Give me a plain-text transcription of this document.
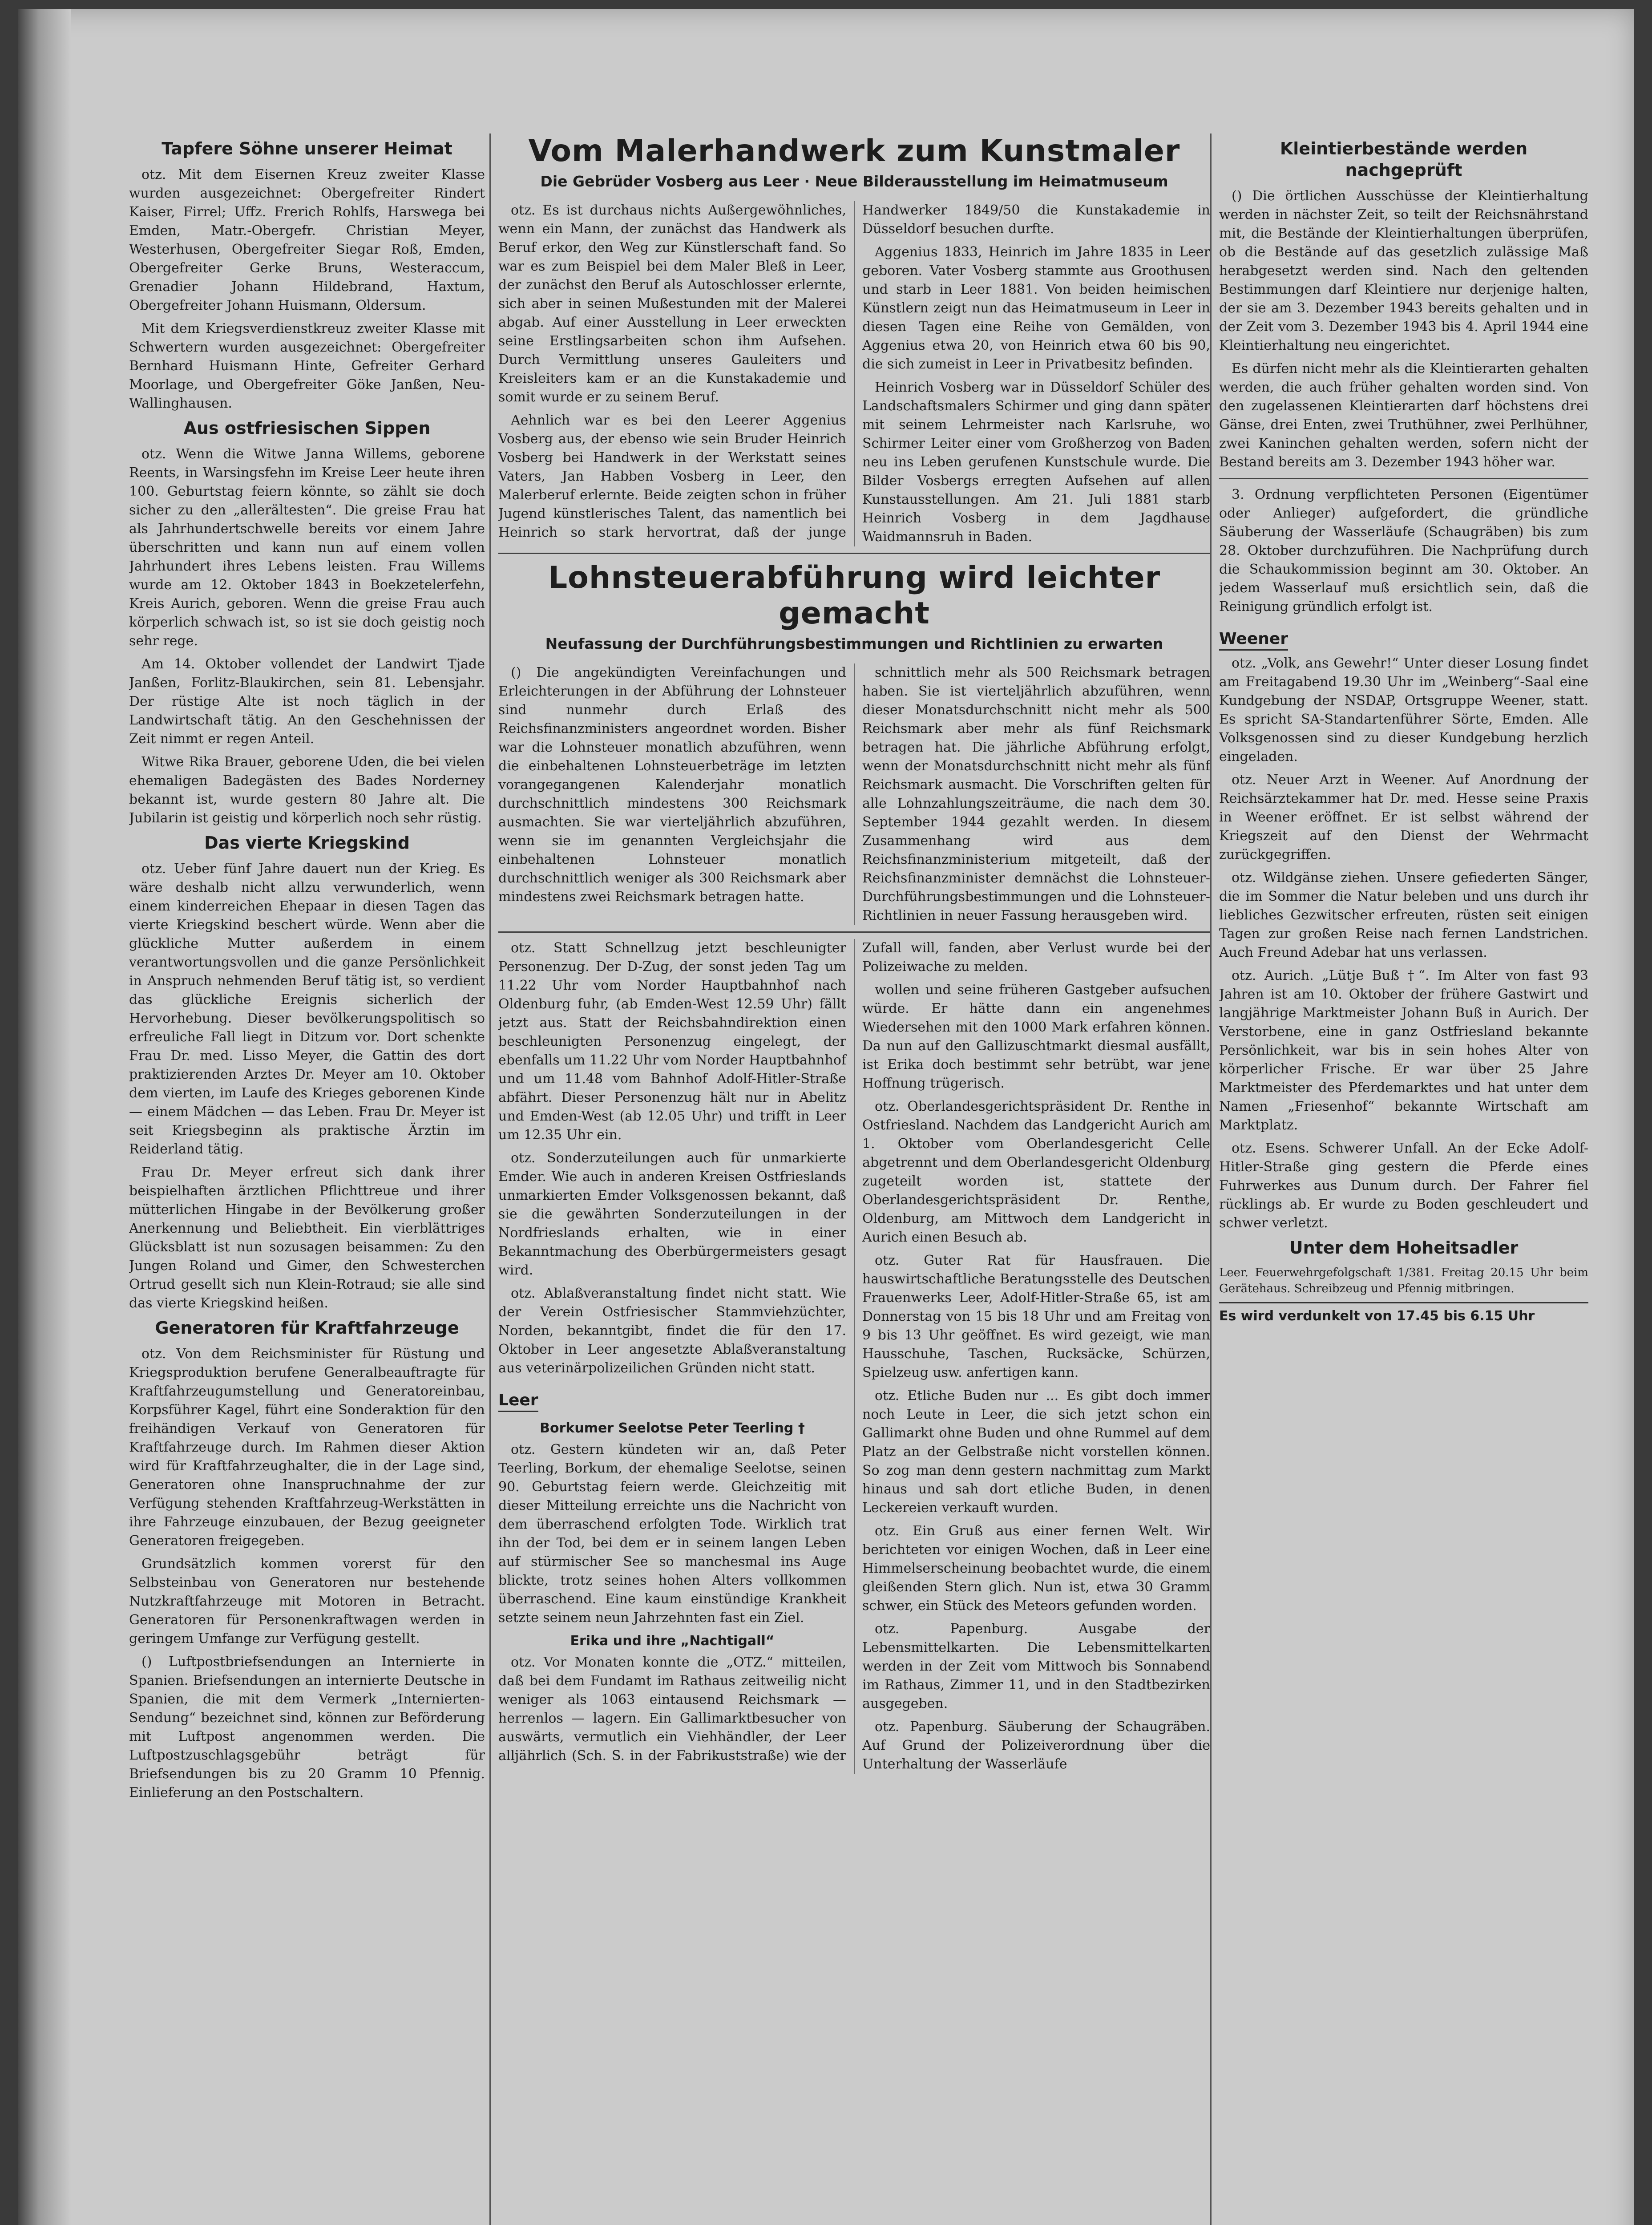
Tapfere Söhne unserer Heimat

otz. Mit dem Eisernen Kreuz zweiter Klasse wurden ausgezeichnet: Obergefreiter Rindert Kaiser, Firrel; Uffz. Frerich Rohlfs, Harswega bei Emden, Matr.-Obergefr. Christian Meyer, Westerhusen, Obergefreiter Siegar Roß, Emden, Obergefreiter Gerke Bruns, Westeraccum, Grenadier Johann Hildebrand, Haxtum, Obergefreiter Johann Huismann, Oldersum.

Mit dem Kriegsverdienstkreuz zweiter Klasse mit Schwertern wurden ausgezeichnet: Obergefreiter Bernhard Huismann Hinte, Gefreiter Gerhard Moorlage, und Obergefreiter Göke Janßen, Neu-Wallinghausen.

Aus ostfriesischen Sippen

otz. Wenn die Witwe Janna Willems, geborene Reents, in Warsingsfehn im Kreise Leer heute ihren 100. Geburtstag feiern könnte, so zählt sie doch sicher zu den „allerältesten“. Die greise Frau hat als Jahrhundertschwelle bereits vor einem Jahre überschritten und kann nun auf einem vollen Jahrhundert ihres Lebens leisten. Frau Willems wurde am 12. Oktober 1843 in Boekzetelerfehn, Kreis Aurich, geboren. Wenn die greise Frau auch körperlich schwach ist, so ist sie doch geistig noch sehr rege.

Am 14. Oktober vollendet der Landwirt Tjade Janßen, Forlitz-Blaukirchen, sein 81. Lebensjahr. Der rüstige Alte ist noch täglich in der Landwirtschaft tätig. An den Geschehnissen der Zeit nimmt er regen Anteil.

Witwe Rika Brauer, geborene Uden, die bei vielen ehemaligen Badegästen des Bades Norderney bekannt ist, wurde gestern 80 Jahre alt. Die Jubilarin ist geistig und körperlich noch sehr rüstig.

Das vierte Kriegskind

otz. Ueber fünf Jahre dauert nun der Krieg. Es wäre deshalb nicht allzu verwunderlich, wenn einem kinderreichen Ehepaar in diesen Tagen das vierte Kriegskind beschert würde. Wenn aber die glückliche Mutter außerdem in einem verantwortungsvollen und die ganze Persönlichkeit in Anspruch nehmenden Beruf tätig ist, so verdient das glückliche Ereignis sicherlich der Hervorhebung. Dieser bevölkerungspolitisch so erfreuliche Fall liegt in Ditzum vor. Dort schenkte Frau Dr. med. Lisso Meyer, die Gattin des dort praktizierenden Arztes Dr. Meyer am 10. Oktober dem vierten, im Laufe des Krieges geborenen Kinde — einem Mädchen — das Leben. Frau Dr. Meyer ist seit Kriegsbeginn als praktische Ärztin im Reiderland tätig.

Frau Dr. Meyer erfreut sich dank ihrer beispielhaften ärztlichen Pflichttreue und ihrer mütterlichen Hingabe in der Bevölkerung großer Anerkennung und Beliebtheit. Ein vierblättriges Glücksblatt ist nun sozusagen beisammen: Zu den Jungen Roland und Gimer, den Schwesterchen Ortrud gesellt sich nun Klein-Rotraud; sie alle sind das vierte Kriegskind heißen.

Generatoren für Kraftfahrzeuge

otz. Von dem Reichsminister für Rüstung und Kriegsproduktion berufene Generalbeauftragte für Kraftfahrzeugumstellung und Generatoreinbau, Korpsführer Kagel, führt eine Sonderaktion für den freihändigen Verkauf von Generatoren für Kraftfahrzeuge durch. Im Rahmen dieser Aktion wird für Kraftfahrzeughalter, die in der Lage sind, Generatoren ohne Inanspruchnahme der zur Verfügung stehenden Kraftfahrzeug-Werkstätten in ihre Fahrzeuge einzubauen, der Bezug geeigneter Generatoren freigegeben.

Grundsätzlich kommen vorerst für den Selbsteinbau von Generatoren nur bestehende Nutzkraftfahrzeuge mit Motoren in Betracht. Generatoren für Personenkraftwagen werden in geringem Umfange zur Verfügung gestellt.

() Luftpostbriefsendungen an Internierte in Spanien. Briefsendungen an internierte Deutsche in Spanien, die mit dem Vermerk „Internierten-Sendung“ bezeichnet sind, können zur Beförderung mit Luftpost angenommen werden. Die Luftpostzuschlagsgebühr beträgt für Briefsendungen bis zu 20 Gramm 10 Pfennig. Einlieferung an den Postschaltern.

Vom Malerhandwerk zum Kunstmaler
Die Gebrüder Vosberg aus Leer · Neue Bilderausstellung im Heimatmuseum

otz. Es ist durchaus nichts Außergewöhnliches, wenn ein Mann, der zunächst das Handwerk als Beruf erkor, den Weg zur Künstlerschaft fand. So war es zum Beispiel bei dem Maler Bleß in Leer, der zunächst den Beruf als Autoschlosser erlernte, sich aber in seinen Mußestunden mit der Malerei abgab. Auf einer Ausstellung in Leer erweckten seine Erstlingsarbeiten schon ihm Aufsehen. Durch Vermittlung unseres Gauleiters und Kreisleiters kam er an die Kunstakademie und somit wurde er zu seinem Beruf.

Aehnlich war es bei den Leerer Aggenius Vosberg aus, der ebenso wie sein Bruder Heinrich Vosberg bei Handwerk in der Werkstatt seines Vaters, Jan Habben Vosberg in Leer, den Malerberuf erlernte. Beide zeigten schon in früher Jugend künstlerisches Talent, das namentlich bei Heinrich so stark hervortrat, daß der junge Handwerker 1849/50 die Kunstakademie in Düsseldorf besuchen durfte.

Aggenius 1833, Heinrich im Jahre 1835 in Leer geboren. Vater Vosberg stammte aus Groothusen und starb in Leer 1881. Von beiden heimischen Künstlern zeigt nun das Heimatmuseum in Leer in diesen Tagen eine Reihe von Gemälden, von Aggenius etwa 20, von Heinrich etwa 60 bis 90, die sich zumeist in Leer in Privatbesitz befinden.

Heinrich Vosberg war in Düsseldorf Schüler des Landschaftsmalers Schirmer und ging dann später mit seinem Lehrmeister nach Karlsruhe, wo Schirmer Leiter einer vom Großherzog von Baden neu ins Leben gerufenen Kunstschule wurde. Die Bilder Vosbergs erregten Aufsehen auf allen Kunstausstellungen. Am 21. Juli 1881 starb Heinrich Vosberg in dem Jagdhause Waidmannsruh in Baden.

Lohnsteuerabführung wird leichter gemacht
Neufassung der Durchführungsbestimmungen und Richtlinien zu erwarten

() Die angekündigten Vereinfachungen und Erleichterungen in der Abführung der Lohnsteuer sind nunmehr durch Erlaß des Reichsfinanzministers angeordnet worden. Bisher war die Lohnsteuer monatlich abzuführen, wenn die einbehaltenen Lohnsteuerbeträge im letzten vorangegangenen Kalenderjahr monatlich durchschnittlich mindestens 300 Reichsmark ausmachten. Sie war vierteljährlich abzuführen, wenn sie im genannten Vergleichsjahr die einbehaltenen Lohnsteuer monatlich durchschnittlich weniger als 300 Reichsmark aber mindestens zwei Reichsmark betragen hatte.

schnittlich mehr als 500 Reichsmark betragen haben. Sie ist vierteljährlich abzuführen, wenn dieser Monatsdurchschnitt nicht mehr als 500 Reichsmark aber mehr als fünf Reichsmark betragen hat. Die jährliche Abführung erfolgt, wenn der Monatsdurchschnitt nicht mehr als fünf Reichsmark ausmacht. Die Vorschriften gelten für alle Lohnzahlungszeiträume, die nach dem 30. September 1944 gezahlt werden. In diesem Zusammenhang wird aus dem Reichsfinanzministerium mitgeteilt, daß der Reichsfinanzminister demnächst die Lohnsteuer-Durchführungsbestimmungen und die Lohnsteuer-Richtlinien in neuer Fassung herausgeben wird.

otz. Statt Schnellzug jetzt beschleunigter Personenzug. Der D-Zug, der sonst jeden Tag um 11.22 Uhr vom Norder Hauptbahnhof nach Oldenburg fuhr, (ab Emden-West 12.59 Uhr) fällt jetzt aus. Statt der Reichsbahndirektion einen beschleunigten Personenzug eingelegt, der ebenfalls um 11.22 Uhr vom Norder Hauptbahnhof und um 11.48 vom Bahnhof Adolf-Hitler-Straße abfährt. Dieser Personenzug hält nur in Abelitz und Emden-West (ab 12.05 Uhr) und trifft in Leer um 12.35 Uhr ein.

otz. Sonderzuteilungen auch für unmarkierte Emder. Wie auch in anderen Kreisen Ostfrieslands unmarkierten Emder Volksgenossen bekannt, daß sie die gewährten Sonderzuteilungen in der Nordfrieslands erhalten, wie in einer Bekanntmachung des Oberbürgermeisters gesagt wird.

otz. Ablaßveranstaltung findet nicht statt. Wie der Verein Ostfriesischer Stammviehzüchter, Norden, bekanntgibt, findet die für den 17. Oktober in Leer angesetzte Ablaßveranstaltung aus veterinärpolizeilichen Gründen nicht statt.

Leer
Borkumer Seelotse Peter Teerling †

otz. Gestern kündeten wir an, daß Peter Teerling, Borkum, der ehemalige Seelotse, seinen 90. Geburtstag feiern werde. Gleichzeitig mit dieser Mitteilung erreichte uns die Nachricht von dem überraschend erfolgten Tode. Wirklich trat ihn der Tod, bei dem er in seinem langen Leben auf stürmischer See so manchesmal ins Auge blickte, trotz seines hohen Alters vollkommen überraschend. Eine kaum einstündige Krankheit setzte seinem neun Jahrzehnten fast ein Ziel.

Erika und ihre „Nachtigall“

otz. Vor Monaten konnte die „OTZ.“ mitteilen, daß bei dem Fundamt im Rathaus zeitweilig nicht weniger als 1063 eintausend Reichsmark — herrenlos — lagern. Ein Gallimarktbesucher von auswärts, vermutlich ein Viehhändler, der Leer alljährlich (Sch. S. in der Fabrikuststraße) wie der Zufall will, fanden, aber Verlust wurde bei der Polizeiwache zu melden.

wollen und seine früheren Gastgeber aufsuchen würde. Er hätte dann ein angenehmes Wiedersehen mit den 1000 Mark erfahren können. Da nun auf den Gallizuschtmarkt diesmal ausfällt, ist Erika doch bestimmt sehr betrübt, war jene Hoffnung trügerisch.

otz. Oberlandesgerichtspräsident Dr. Renthe in Ostfriesland. Nachdem das Landgericht Aurich am 1. Oktober vom Oberlandesgericht Celle abgetrennt und dem Oberlandesgericht Oldenburg zugeteilt worden ist, stattete der Oberlandesgerichtspräsident Dr. Renthe, Oldenburg, am Mittwoch dem Landgericht in Aurich einen Besuch ab.

otz. Guter Rat für Hausfrauen. Die hauswirtschaftliche Beratungsstelle des Deutschen Frauenwerks Leer, Adolf-Hitler-Straße 65, ist am Donnerstag von 15 bis 18 Uhr und am Freitag von 9 bis 13 Uhr geöffnet. Es wird gezeigt, wie man Hausschuhe, Taschen, Rucksäcke, Schürzen, Spielzeug usw. anfertigen kann.

otz. Etliche Buden nur ... Es gibt doch immer noch Leute in Leer, die sich jetzt schon ein Gallimarkt ohne Buden und ohne Rummel auf dem Platz an der Gelbstraße nicht vorstellen können. So zog man denn gestern nachmittag zum Markt hinaus und sah dort etliche Buden, in denen Leckereien verkauft wurden.

otz. Ein Gruß aus einer fernen Welt. Wir berichteten vor einigen Wochen, daß in Leer eine Himmelserscheinung beobachtet wurde, die einem gleißenden Stern glich. Nun ist, etwa 30 Gramm schwer, ein Stück des Meteors gefunden worden.

otz. Papenburg. Ausgabe der Lebensmittelkarten. Die Lebensmittelkarten werden in der Zeit vom Mittwoch bis Sonnabend im Rathaus, Zimmer 11, und in den Stadtbezirken ausgegeben.

otz. Papenburg. Säuberung der Schaugräben. Auf Grund der Polizeiverordnung über die Unterhaltung der Wasserläufe

Kleintierbestände werden nachgeprüft

() Die örtlichen Ausschüsse der Kleintierhaltung werden in nächster Zeit, so teilt der Reichsnährstand mit, die Bestände der Kleintierhaltungen überprüfen, ob die Bestände auf das gesetzlich zulässige Maß herabgesetzt werden sind. Nach den geltenden Bestimmungen darf Kleintiere nur derjenige halten, der sie am 3. Dezember 1943 bereits gehalten und in der Zeit vom 3. Dezember 1943 bis 4. April 1944 eine Kleintierhaltung neu eingerichtet.

Es dürfen nicht mehr als die Kleintierarten gehalten werden, die auch früher gehalten worden sind. Von den zugelassenen Kleintierarten darf höchstens drei Gänse, drei Enten, zwei Truthühner, zwei Perlhühner, zwei Kaninchen gehalten werden, sofern nicht der Bestand bereits am 3. Dezember 1943 höher war.

3. Ordnung verpflichteten Personen (Eigentümer oder Anlieger) aufgefordert, die gründliche Säuberung der Wasserläufe (Schaugräben) bis zum 28. Oktober durchzuführen. Die Nachprüfung durch die Schaukommission beginnt am 30. Oktober. An jedem Wasserlauf muß ersichtlich sein, daß die Reinigung gründlich erfolgt ist.

Weener

otz. „Volk, ans Gewehr!“ Unter dieser Losung findet am Freitagabend 19.30 Uhr im „Weinberg“-Saal eine Kundgebung der NSDAP, Ortsgruppe Weener, statt. Es spricht SA-Standartenführer Sörte, Emden. Alle Volksgenossen sind zu dieser Kundgebung herzlich eingeladen.

otz. Neuer Arzt in Weener. Auf Anordnung der Reichsärztekammer hat Dr. med. Hesse seine Praxis in Weener eröffnet. Er ist selbst während der Kriegszeit auf den Dienst der Wehrmacht zurückgegriffen.

otz. Wildgänse ziehen. Unsere gefiederten Sänger, die im Sommer die Natur beleben und uns durch ihr liebliches Gezwitscher erfreuten, rüsten seit einigen Tagen zur großen Reise nach fernen Landstrichen. Auch Freund Adebar hat uns verlassen.

otz. Aurich. „Lütje Buß †“. Im Alter von fast 93 Jahren ist am 10. Oktober der frühere Gastwirt und langjährige Marktmeister Johann Buß in Aurich. Der Verstorbene, eine in ganz Ostfriesland bekannte Persönlichkeit, war bis in sein hohes Alter von körperlicher Frische. Er war über 25 Jahre Marktmeister des Pferdemarktes und hat unter dem Namen „Friesenhof“ bekannte Wirtschaft am Marktplatz.

otz. Esens. Schwerer Unfall. An der Ecke Adolf-Hitler-Straße ging gestern die Pferde eines Fuhrwerkes aus Dunum durch. Der Fahrer fiel rücklings ab. Er wurde zu Boden geschleudert und schwer verletzt.

Unter dem Hoheitsadler

Leer. Feuerwehrgefolgschaft 1/381. Freitag 20.15 Uhr beim Gerätehaus. Schreibzeug und Pfennig mitbringen.

Es wird verdunkelt von 17.45 bis 6.15 Uhr
